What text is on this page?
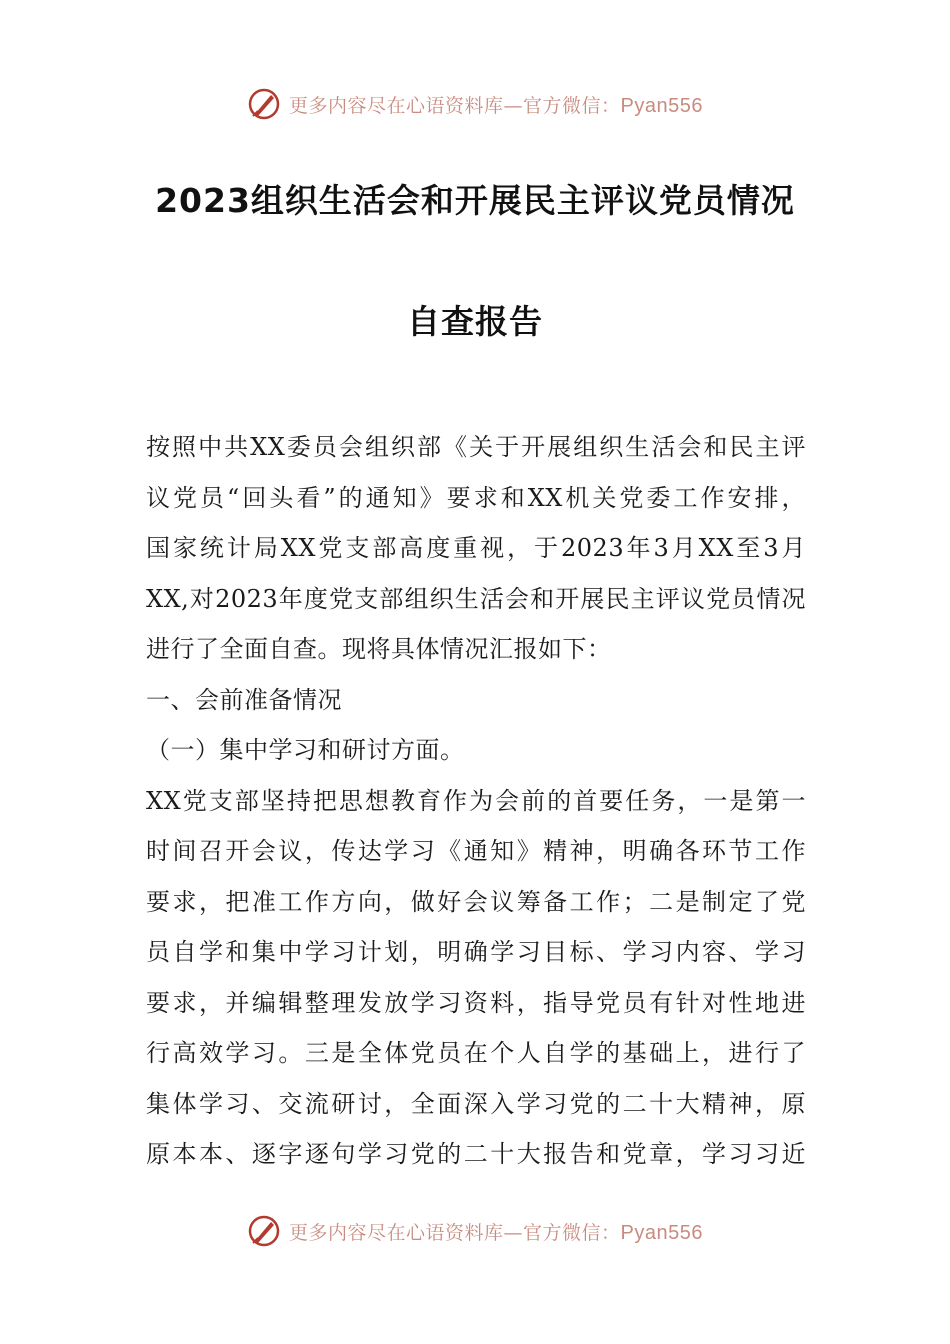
更多内容尽在心语资料库—官方微信：Pyan556
2023组织生活会和开展民主评议党员情况
自查报告
按照中共XX委员会组织部《关于开展组织生活会和民主评
议党员“回头看”的通知》要求和XX机关党委工作安排，
国家统计局XX党支部高度重视，于2023年3月XX至3月
XX,对2023年度党支部组织生活会和开展民主评议党员情况
进行了全面自查。现将具体情况汇报如下：
一、会前准备情况
（一）集中学习和研讨方面。
XX党支部坚持把思想教育作为会前的首要任务，一是第一
时间召开会议，传达学习《通知》精神，明确各环节工作
要求，把准工作方向，做好会议筹备工作；二是制定了党
员自学和集中学习计划，明确学习目标、学习内容、学习
要求，并编辑整理发放学习资料，指导党员有针对性地进
行高效学习。三是全体党员在个人自学的基础上，进行了
集体学习、交流研讨，全面深入学习党的二十大精神，原
原本本、逐字逐句学习党的二十大报告和党章，学习习近
更多内容尽在心语资料库—官方微信：Pyan556
